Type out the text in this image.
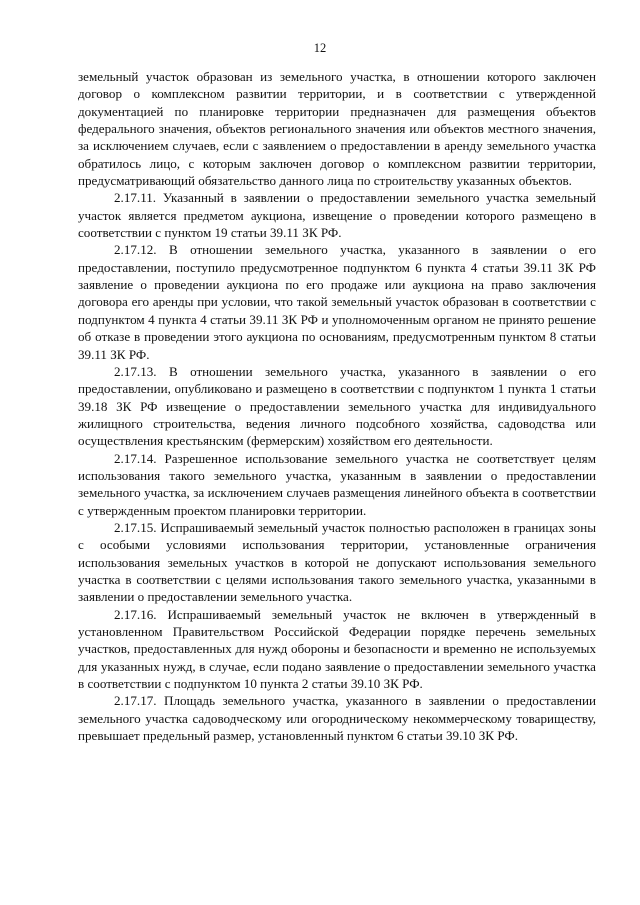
12

земельный участок образован из земельного участка, в отношении которого заключен договор о комплексном развитии территории, и в соответствии с утвержденной документацией по планировке территории предназначен для размещения объектов федерального значения, объектов регионального значения или объектов местного значения, за исключением случаев, если с заявлением о предоставлении в аренду земельного участка обратилось лицо, с которым заключен договор о комплексном развитии территории, предусматривающий обязательство данного лица по строительству указанных объектов.

2.17.11. Указанный в заявлении о предоставлении земельного участка земельный участок является предметом аукциона, извещение о проведении которого размещено в соответствии с пунктом 19 статьи 39.11 ЗК РФ.

2.17.12. В отношении земельного участка, указанного в заявлении о его предоставлении, поступило предусмотренное подпунктом 6 пункта 4 статьи 39.11 ЗК РФ заявление о проведении аукциона по его продаже или аукциона на право заключения договора его аренды при условии, что такой земельный участок образован в соответствии с подпунктом 4 пункта 4 статьи 39.11 ЗК РФ и уполномоченным органом не принято решение об отказе в проведении этого аукциона по основаниям, предусмотренным пунктом 8 статьи 39.11 ЗК РФ.

2.17.13. В отношении земельного участка, указанного в заявлении о его предоставлении, опубликовано и размещено в соответствии с подпунктом 1 пункта 1 статьи 39.18 ЗК РФ извещение о предоставлении земельного участка для индивидуального жилищного строительства, ведения личного подсобного хозяйства, садоводства или осуществления крестьянским (фермерским) хозяйством его деятельности.

2.17.14. Разрешенное использование земельного участка не соответствует целям использования такого земельного участка, указанным в заявлении о предоставлении земельного участка, за исключением случаев размещения линейного объекта в соответствии с утвержденным проектом планировки территории.

2.17.15. Испрашиваемый земельный участок полностью расположен в границах зоны с особыми условиями использования территории, установленные ограничения использования земельных участков в которой не допускают использования земельного участка в соответствии с целями использования такого земельного участка, указанными в заявлении о предоставлении земельного участка.

2.17.16. Испрашиваемый земельный участок не включен в утвержденный в установленном Правительством Российской Федерации порядке перечень земельных участков, предоставленных для нужд обороны и безопасности и временно не используемых для указанных нужд, в случае, если подано заявление о предоставлении земельного участка в соответствии с подпунктом 10 пункта 2 статьи 39.10 ЗК РФ.

2.17.17. Площадь земельного участка, указанного в заявлении о предоставлении земельного участка садоводческому или огородническому некоммерческому товариществу, превышает предельный размер, установленный пунктом 6 статьи 39.10 ЗК РФ.
